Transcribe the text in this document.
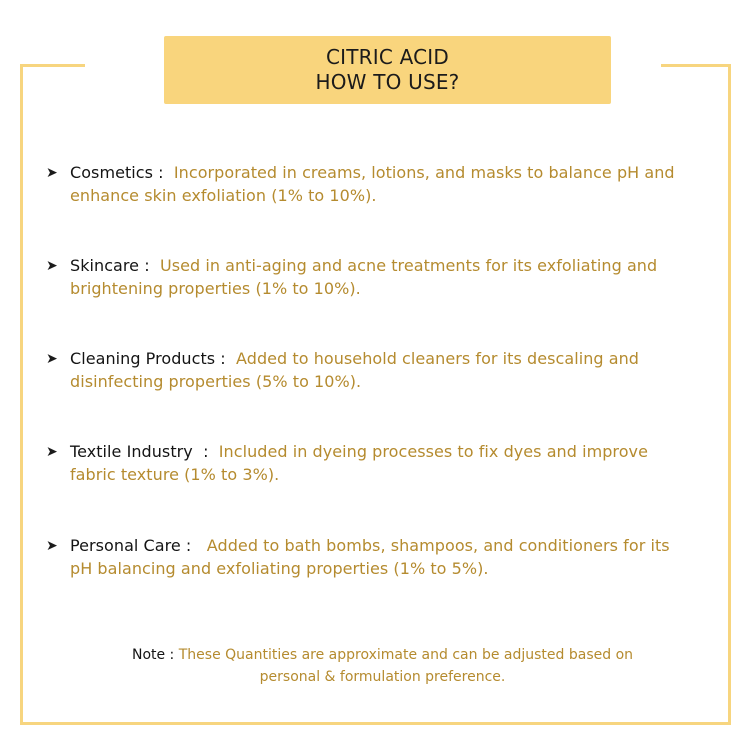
CITRIC ACID
HOW TO USE?
➤ Cosmetics :  Incorporated in creams, lotions, and masks to balance pH and
enhance skin exfoliation (1% to 10%).
➤ Skincare :  Used in anti-aging and acne treatments for its exfoliating and
brightening properties (1% to 10%).
➤ Cleaning Products :  Added to household cleaners for its descaling and
disinfecting properties (5% to 10%).
➤ Textile Industry  :  Included in dyeing processes to fix dyes and improve
fabric texture (1% to 3%).
➤ Personal Care :   Added to bath bombs, shampoos, and conditioners for its
pH balancing and exfoliating properties (1% to 5%).
Note : These Quantities are approximate and can be adjusted based on
personal & formulation preference.
